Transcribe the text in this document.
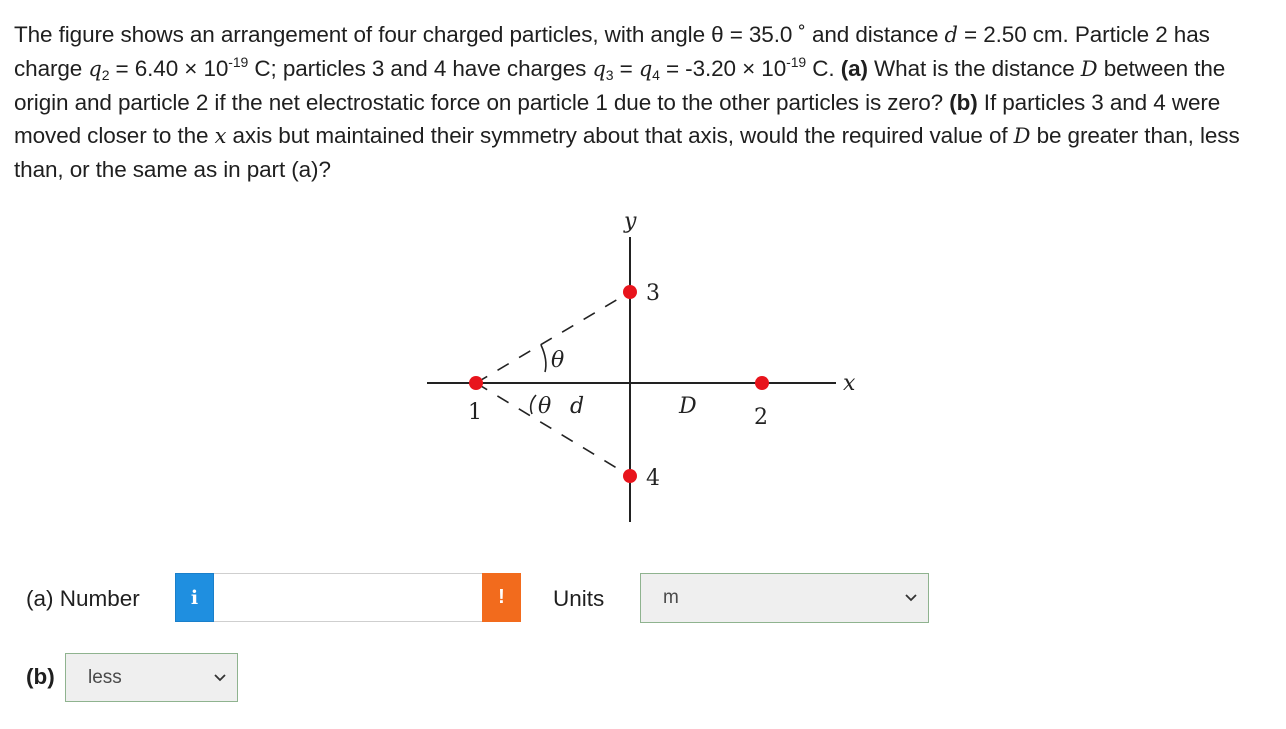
The figure shows an arrangement of four charged particles, with angle θ = 35.0 ˚ and distance d = 2.50 cm. Particle 2 has charge $q_2 = 6.40 \times 10^{-19}$ C; particles 3 and 4 have charges $q_3 = q_4 = -3.20 \times 10^{-19}$ C. (a) What is the distance D between the origin and particle 2 if the net electrostatic force on particle 1 due to the other particles is zero? (b) If particles 3 and 4 were moved closer to the x axis but maintained their symmetry about that axis, would the required value of D be greater than, less than, or the same as in part (a)?
y
x
3
4
1	2
θ
θ d	D
(a) Number	i	!	Units	m
(b) less
